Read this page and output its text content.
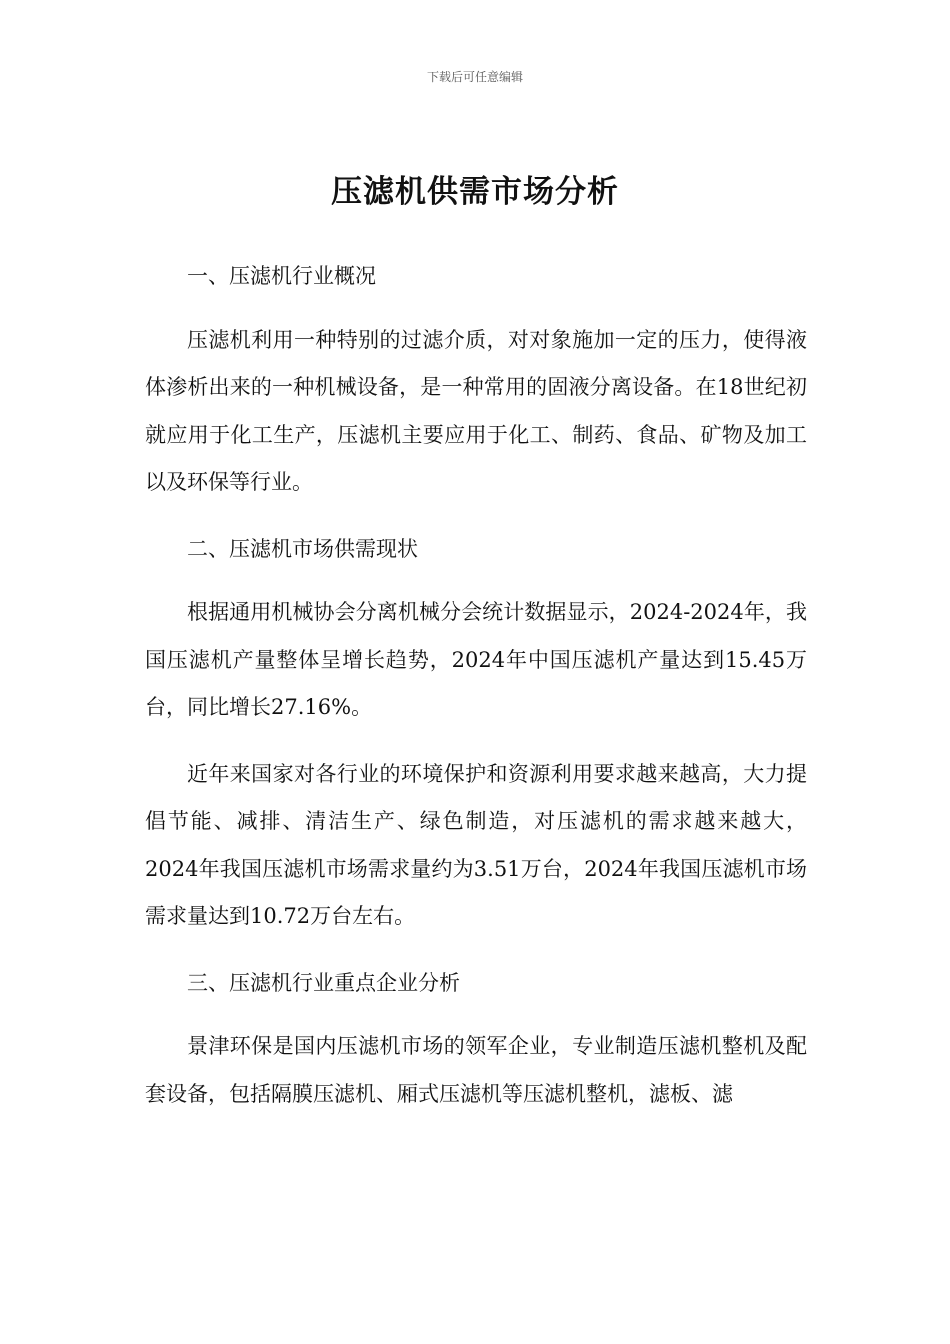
下载后可任意编辑
压滤机供需市场分析

一、压滤机行业概况

压滤机利用一种特别的过滤介质，对对象施加一定的压力，使得液体渗析出来的一种机械设备，是一种常用的固液分离设备。在18世纪初就应用于化工生产，压滤机主要应用于化工、制药、食品、矿物及加工以及环保等行业。

二、压滤机市场供需现状

根据通用机械协会分离机械分会统计数据显示，2024-2024年，我国压滤机产量整体呈增长趋势，2024年中国压滤机产量达到15.45万台，同比增长27.16%。

近年来国家对各行业的环境保护和资源利用要求越来越高，大力提倡节能、减排、清洁生产、绿色制造，对压滤机的需求越来越大，2024年我国压滤机市场需求量约为3.51万台，2024年我国压滤机市场需求量达到10.72万台左右。

三、压滤机行业重点企业分析

景津环保是国内压滤机市场的领军企业，专业制造压滤机整机及配套设备，包括隔膜压滤机、厢式压滤机等压滤机整机，滤板、滤
